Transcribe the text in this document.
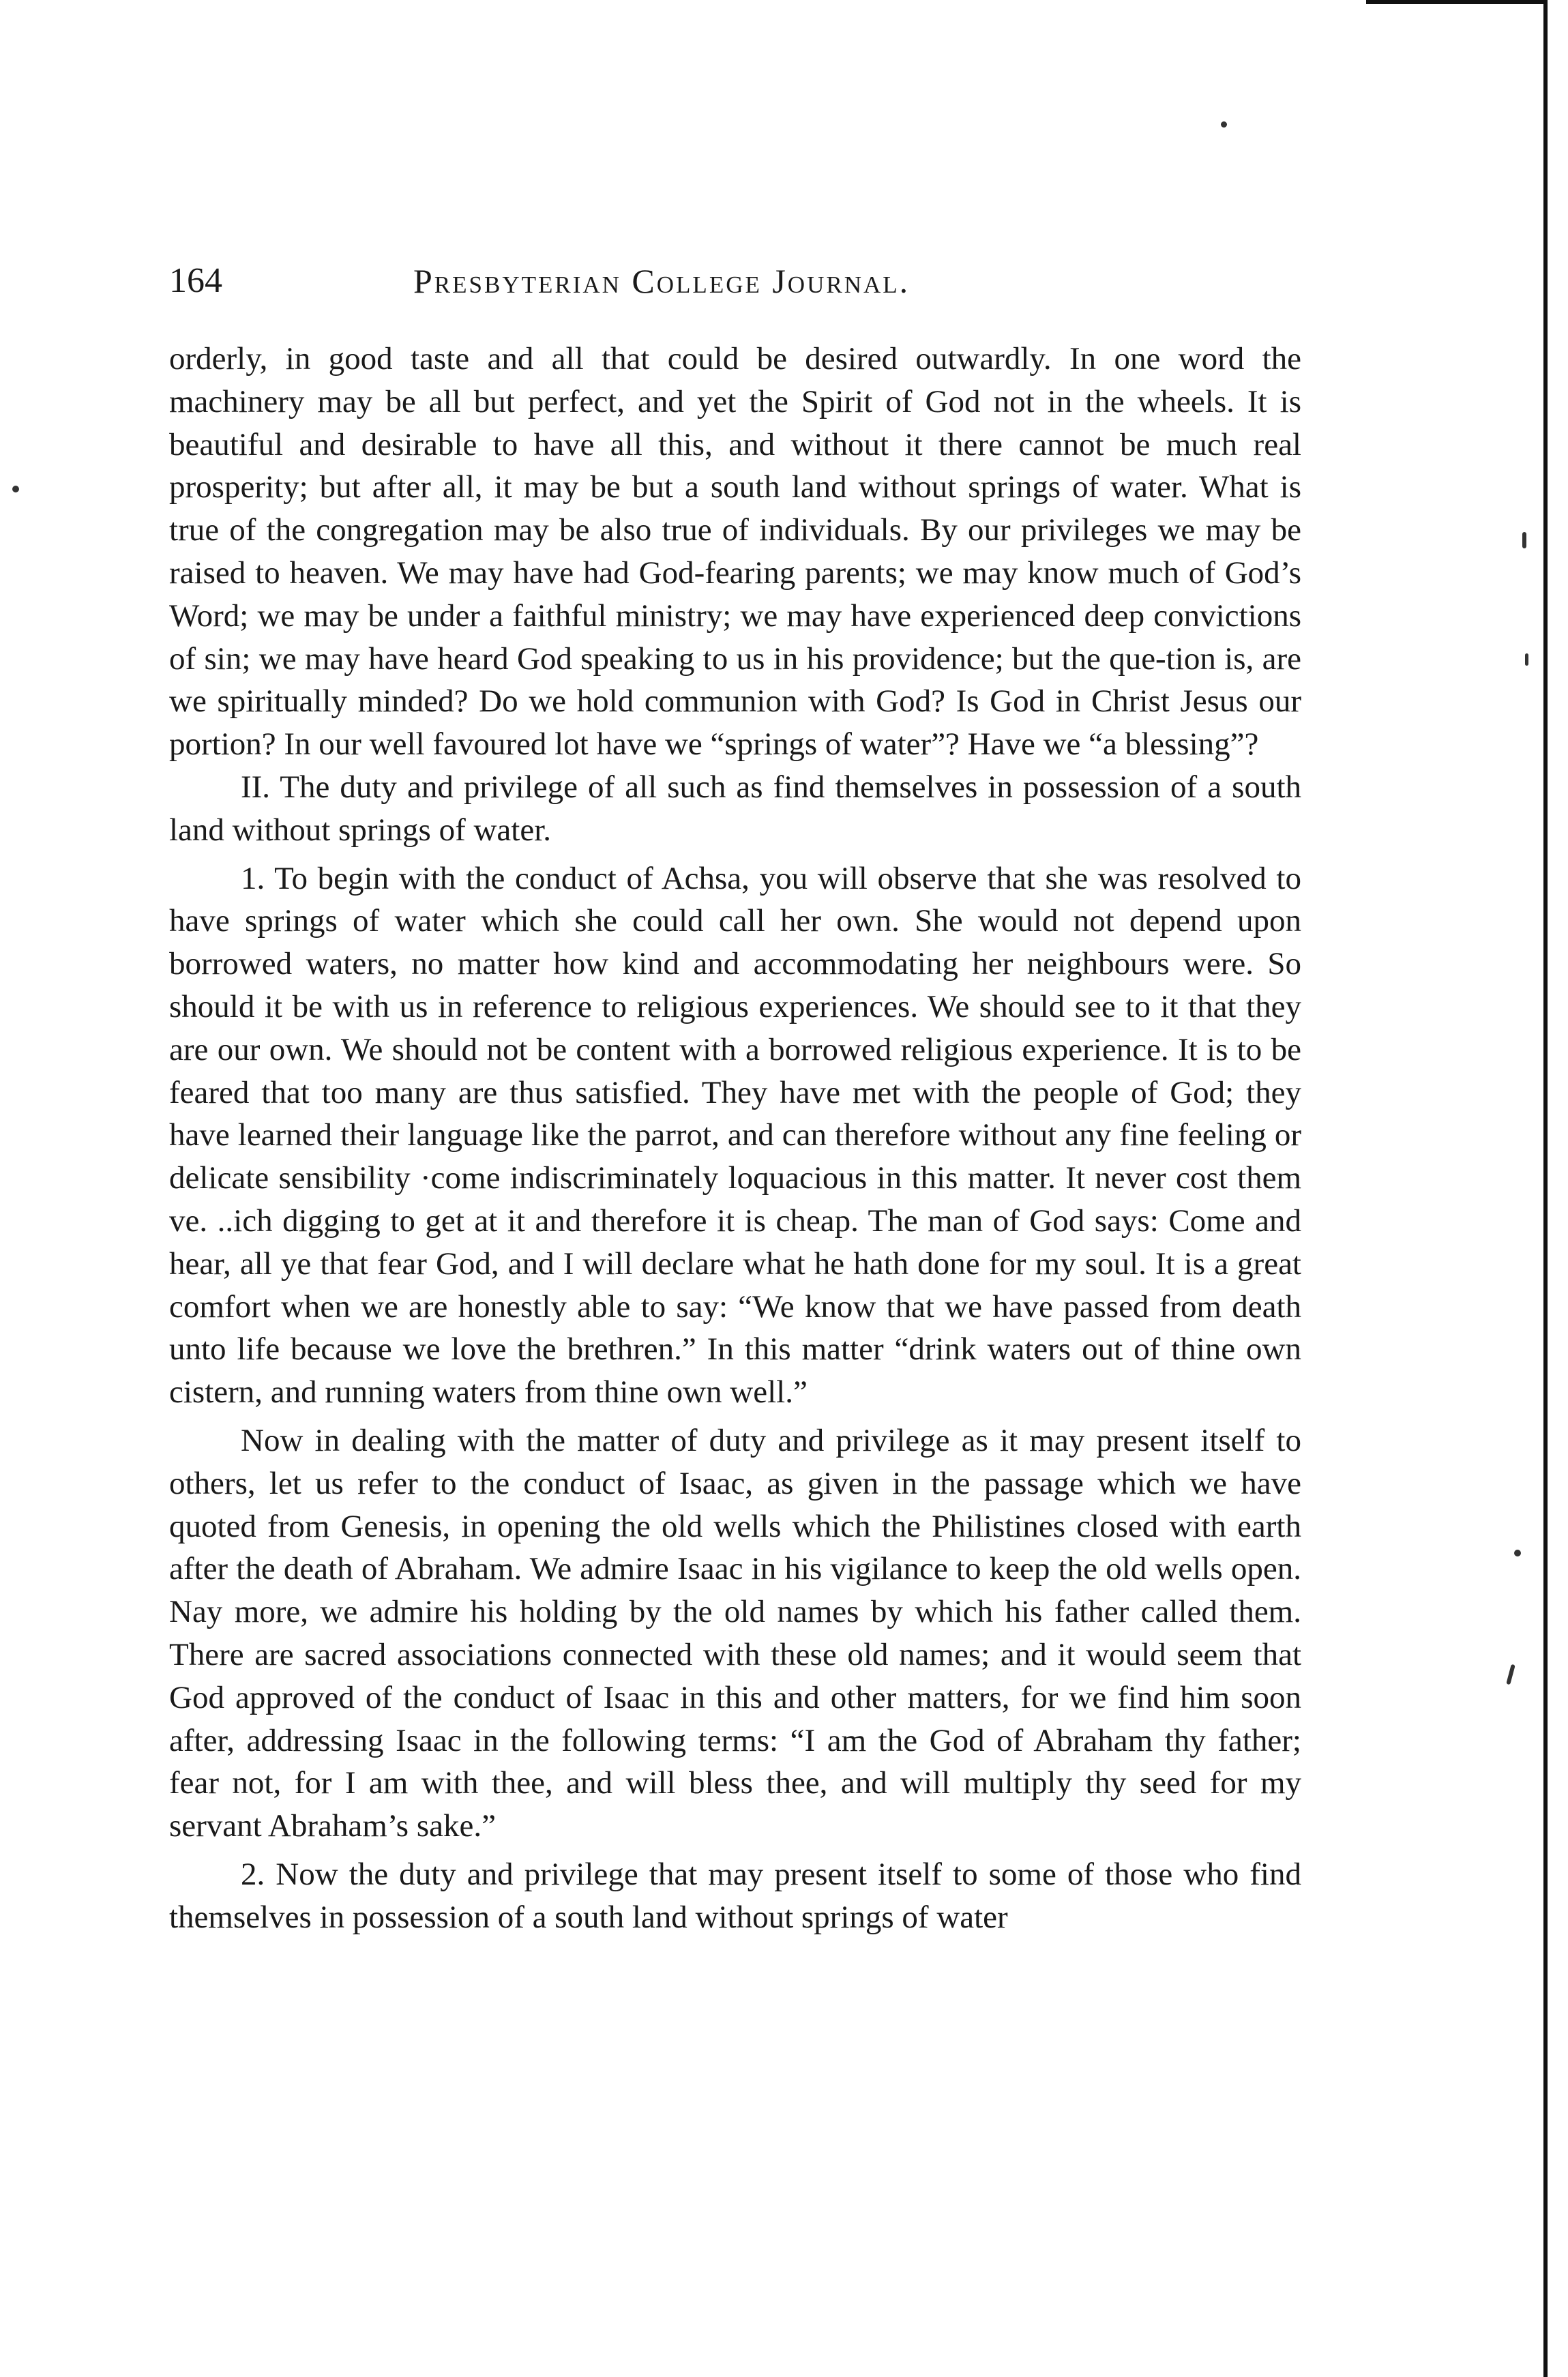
164	Presbyterian College Journal.

orderly, in good taste and all that could be desired outwardly. In one word the machinery may be all but perfect, and yet the Spirit of God not in the wheels. It is beautiful and desirable to have all this, and without it there cannot be much real prosperity; but after all, it may be but a south land without springs of water. What is true of the congregation may be also true of individuals. By our privileges we may be raised to heaven. We may have had God-fearing parents; we may know much of God’s Word; we may be under a faithful ministry; we may have experienced deep convictions of sin; we may have heard God speaking to us in his providence; but the que-tion is, are we spiritually minded? Do we hold communion with God? Is God in Christ Jesus our portion? In our well favoured lot have we “springs of water”? Have we “a blessing”?

II. The duty and privilege of all such as find themselves in possession of a south land without springs of water.

1. To begin with the conduct of Achsa, you will observe that she was resolved to have springs of water which she could call her own. She would not depend upon borrowed waters, no matter how kind and accommodating her neighbours were. So should it be with us in reference to religious experiences. We should see to it that they are our own. We should not be content with a borrowed religious experience. It is to be feared that too many are thus satisfied. They have met with the people of God; they have learned their language like the parrot, and can therefore without any fine feeling or delicate sensibility ·come indiscriminately loquacious in this matter. It never cost them ve. ..ich digging to get at it and therefore it is cheap. The man of God says: Come and hear, all ye that fear God, and I will declare what he hath done for my soul. It is a great comfort when we are honestly able to say: “We know that we have passed from death unto life because we love the brethren.” In this matter “drink waters out of thine own cistern, and running waters from thine own well.”

Now in dealing with the matter of duty and privilege as it may present itself to others, let us refer to the conduct of Isaac, as given in the passage which we have quoted from Genesis, in opening the old wells which the Philistines closed with earth after the death of Abraham. We admire Isaac in his vigilance to keep the old wells open. Nay more, we admire his holding by the old names by which his father called them. There are sacred associations connected with these old names; and it would seem that God approved of the conduct of Isaac in this and other matters, for we find him soon after, addressing Isaac in the following terms: “I am the God of Abraham thy father; fear not, for I am with thee, and will bless thee, and will multiply thy seed for my servant Abraham’s sake.”

2. Now the duty and privilege that may present itself to some of those who find themselves in possession of a south land without springs of water
